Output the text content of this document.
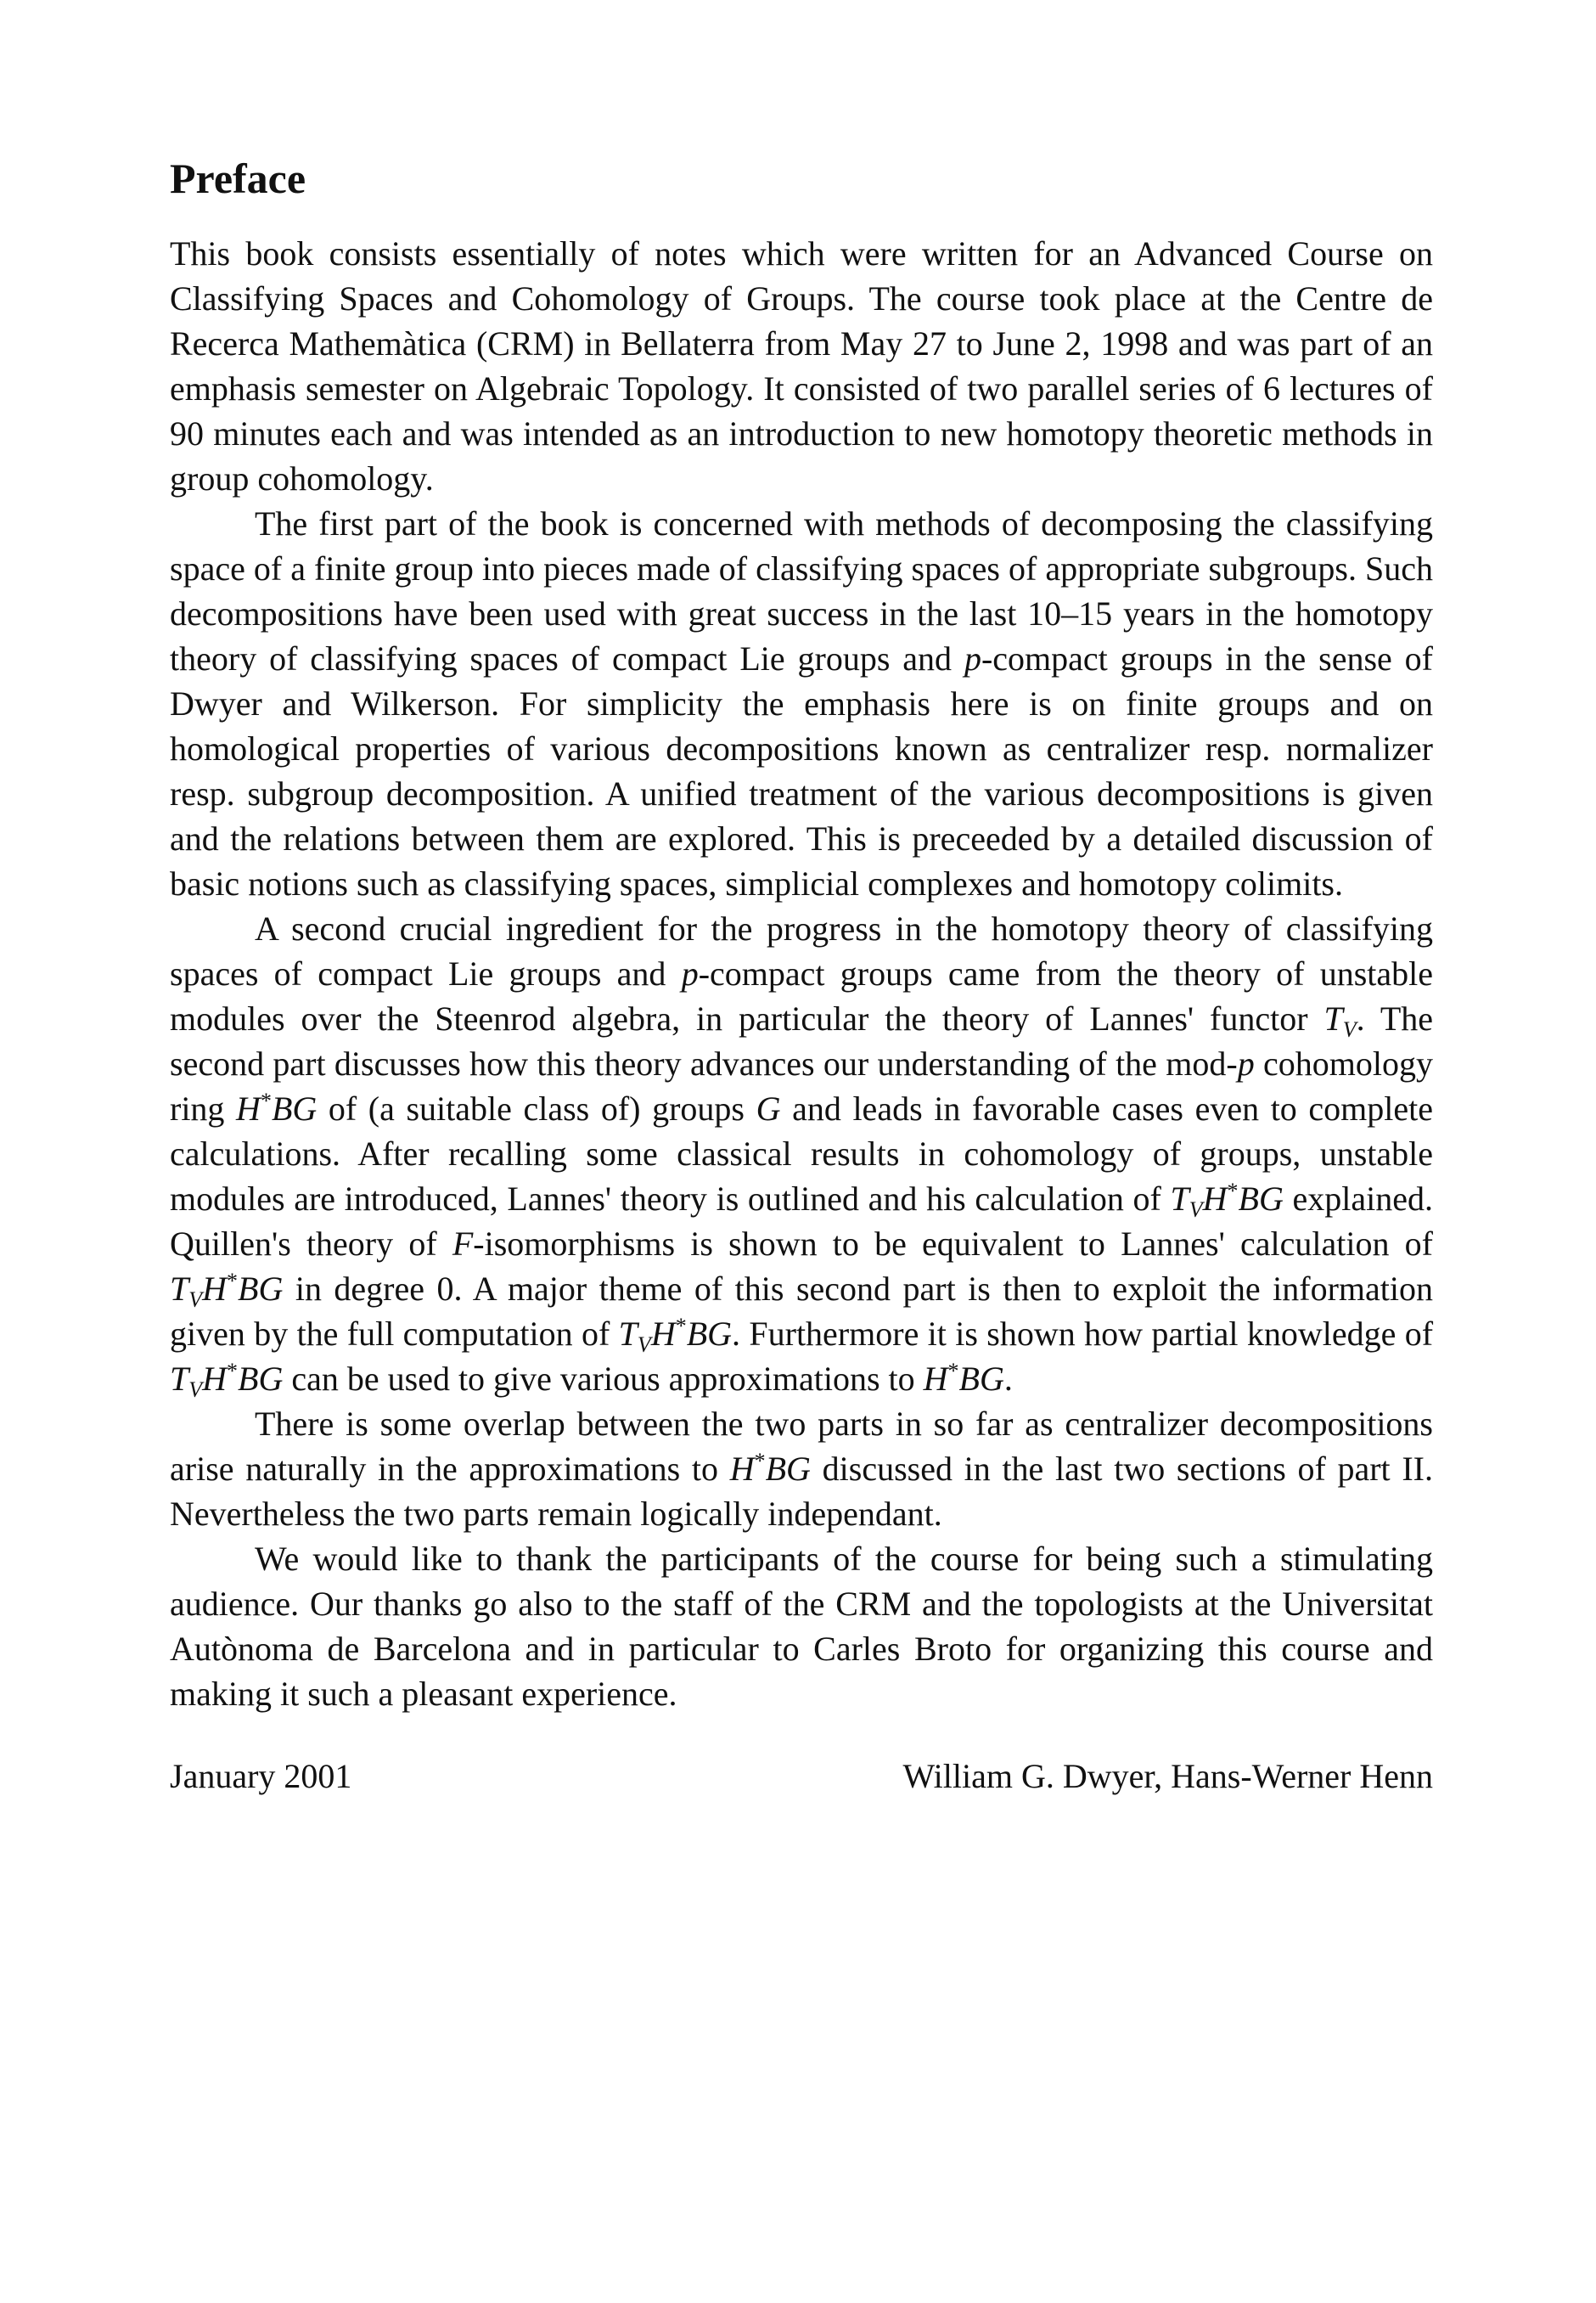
Preface

This book consists essentially of notes which were written for an Advanced Course on Classifying Spaces and Cohomology of Groups. The course took place at the Centre de Recerca Mathemàtica (CRM) in Bellaterra from May 27 to June 2, 1998 and was part of an emphasis semester on Algebraic Topology. It consisted of two parallel series of 6 lectures of 90 minutes each and was intended as an introduction to new homotopy theoretic methods in group cohomology.

The first part of the book is concerned with methods of decomposing the classifying space of a finite group into pieces made of classifying spaces of appropriate subgroups. Such decompositions have been used with great success in the last 10–15 years in the homotopy theory of classifying spaces of compact Lie groups and p-compact groups in the sense of Dwyer and Wilkerson. For simplicity the emphasis here is on finite groups and on homological properties of various decompositions known as centralizer resp. normalizer resp. subgroup decomposition. A unified treatment of the various decompositions is given and the relations between them are explored. This is preceeded by a detailed discussion of basic notions such as classifying spaces, simplicial complexes and homotopy colimits.

A second crucial ingredient for the progress in the homotopy theory of classifying spaces of compact Lie groups and p-compact groups came from the theory of unstable modules over the Steenrod algebra, in particular the theory of Lannes' functor $T_V$. The second part discusses how this theory advances our understanding of the mod-p cohomology ring H*BG of (a suitable class of) groups G and leads in favorable cases even to complete calculations. After recalling some classical results in cohomology of groups, unstable modules are introduced, Lannes' theory is outlined and his calculation of $T_VH^*BG$ explained. Quillen's theory of F-isomorphisms is shown to be equivalent to Lannes' calculation of $T_VH^*BG$ in degree 0. A major theme of this second part is then to exploit the information given by the full computation of $T_VH^*BG$. Furthermore it is shown how partial knowledge of $T_VH^*BG$ can be used to give various approximations to H*BG.

There is some overlap between the two parts in so far as centralizer decompositions arise naturally in the approximations to H*BG discussed in the last two sections of part II. Nevertheless the two parts remain logically independant.

We would like to thank the participants of the course for being such a stimulating audience. Our thanks go also to the staff of the CRM and the topologists at the Universitat Autònoma de Barcelona and in particular to Carles Broto for organizing this course and making it such a pleasant experience.

January 2001	William G. Dwyer, Hans-Werner Henn
